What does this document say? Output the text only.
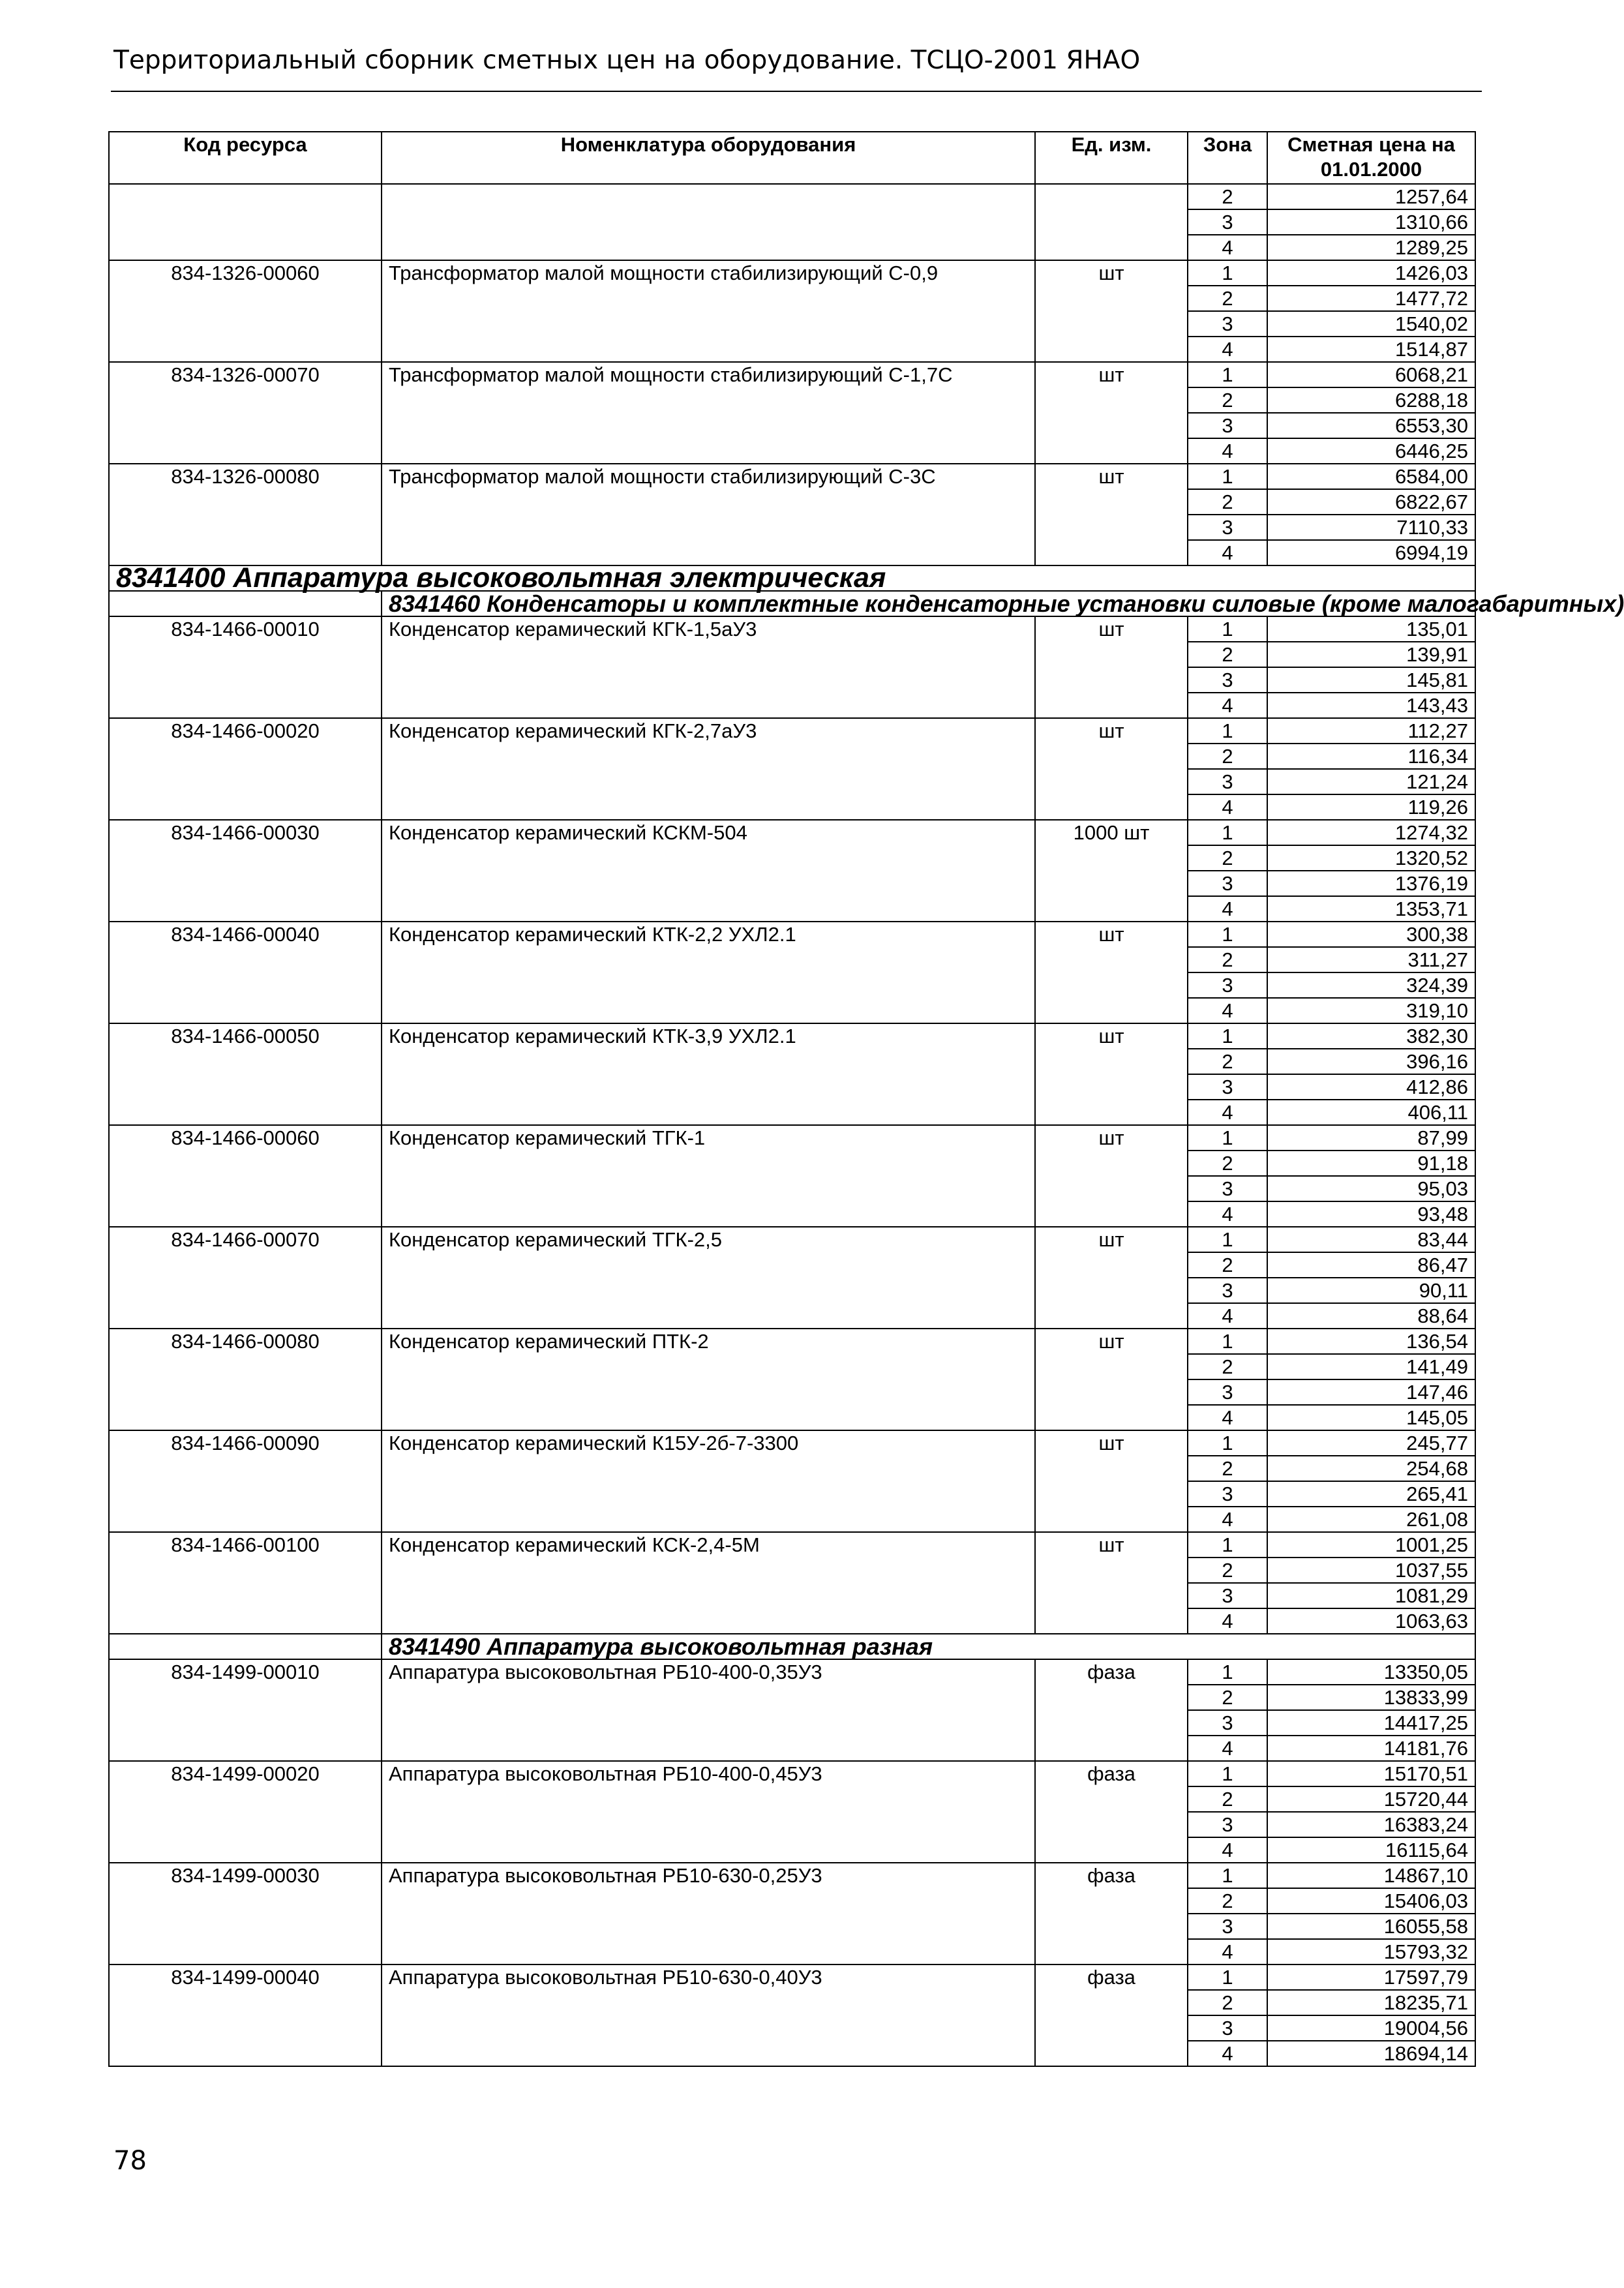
Территориальный сборник сметных цен на оборудование. ТСЦО-2001 ЯНАО
Код ресурса	Номенклатура оборудования	Ед. изм.	Зона	Сметная цена на 01.01.2000
			2	1257,64
			3	1310,66
			4	1289,25
834-1326-00060	Трансформатор малой мощности стабилизирующий С-0,9	шт	1	1426,03
			2	1477,72
			3	1540,02
			4	1514,87
834-1326-00070	Трансформатор малой мощности стабилизирующий С-1,7С	шт	1	6068,21
			2	6288,18
			3	6553,30
			4	6446,25
834-1326-00080	Трансформатор малой мощности стабилизирующий С-3С	шт	1	6584,00
			2	6822,67
			3	7110,33
			4	6994,19
8341400 Аппаратура высоковольтная электрическая				
	8341460 Конденсаторы и комплектные конденсаторные установки силовые (кроме малогабаритных)			
834-1466-00010	Конденсатор керамический КГК-1,5аУ3	шт	1	135,01
			2	139,91
			3	145,81
			4	143,43
834-1466-00020	Конденсатор керамический КГК-2,7аУ3	шт	1	112,27
			2	116,34
			3	121,24
			4	119,26
834-1466-00030	Конденсатор керамический КСКМ-504	1000 шт	1	1274,32
			2	1320,52
			3	1376,19
			4	1353,71
834-1466-00040	Конденсатор керамический КТК-2,2 УХЛ2.1	шт	1	300,38
			2	311,27
			3	324,39
			4	319,10
834-1466-00050	Конденсатор керамический КТК-3,9 УХЛ2.1	шт	1	382,30
			2	396,16
			3	412,86
			4	406,11
834-1466-00060	Конденсатор керамический ТГК-1	шт	1	87,99
			2	91,18
			3	95,03
			4	93,48
834-1466-00070	Конденсатор керамический ТГК-2,5	шт	1	83,44
			2	86,47
			3	90,11
			4	88,64
834-1466-00080	Конденсатор керамический ПТК-2	шт	1	136,54
			2	141,49
			3	147,46
			4	145,05
834-1466-00090	Конденсатор керамический К15У-2б-7-3300	шт	1	245,77
			2	254,68
			3	265,41
			4	261,08
834-1466-00100	Конденсатор керамический КСК-2,4-5М	шт	1	1001,25
			2	1037,55
			3	1081,29
			4	1063,63
	8341490 Аппаратура высоковольтная разная			
834-1499-00010	Аппаратура высоковольтная РБ10-400-0,35У3	фаза	1	13350,05
			2	13833,99
			3	14417,25
			4	14181,76
834-1499-00020	Аппаратура высоковольтная РБ10-400-0,45У3	фаза	1	15170,51
			2	15720,44
			3	16383,24
			4	16115,64
834-1499-00030	Аппаратура высоковольтная РБ10-630-0,25У3	фаза	1	14867,10
			2	15406,03
			3	16055,58
			4	15793,32
834-1499-00040	Аппаратура высоковольтная РБ10-630-0,40У3	фаза	1	17597,79
			2	18235,71
			3	19004,56
			4	18694,14
78
